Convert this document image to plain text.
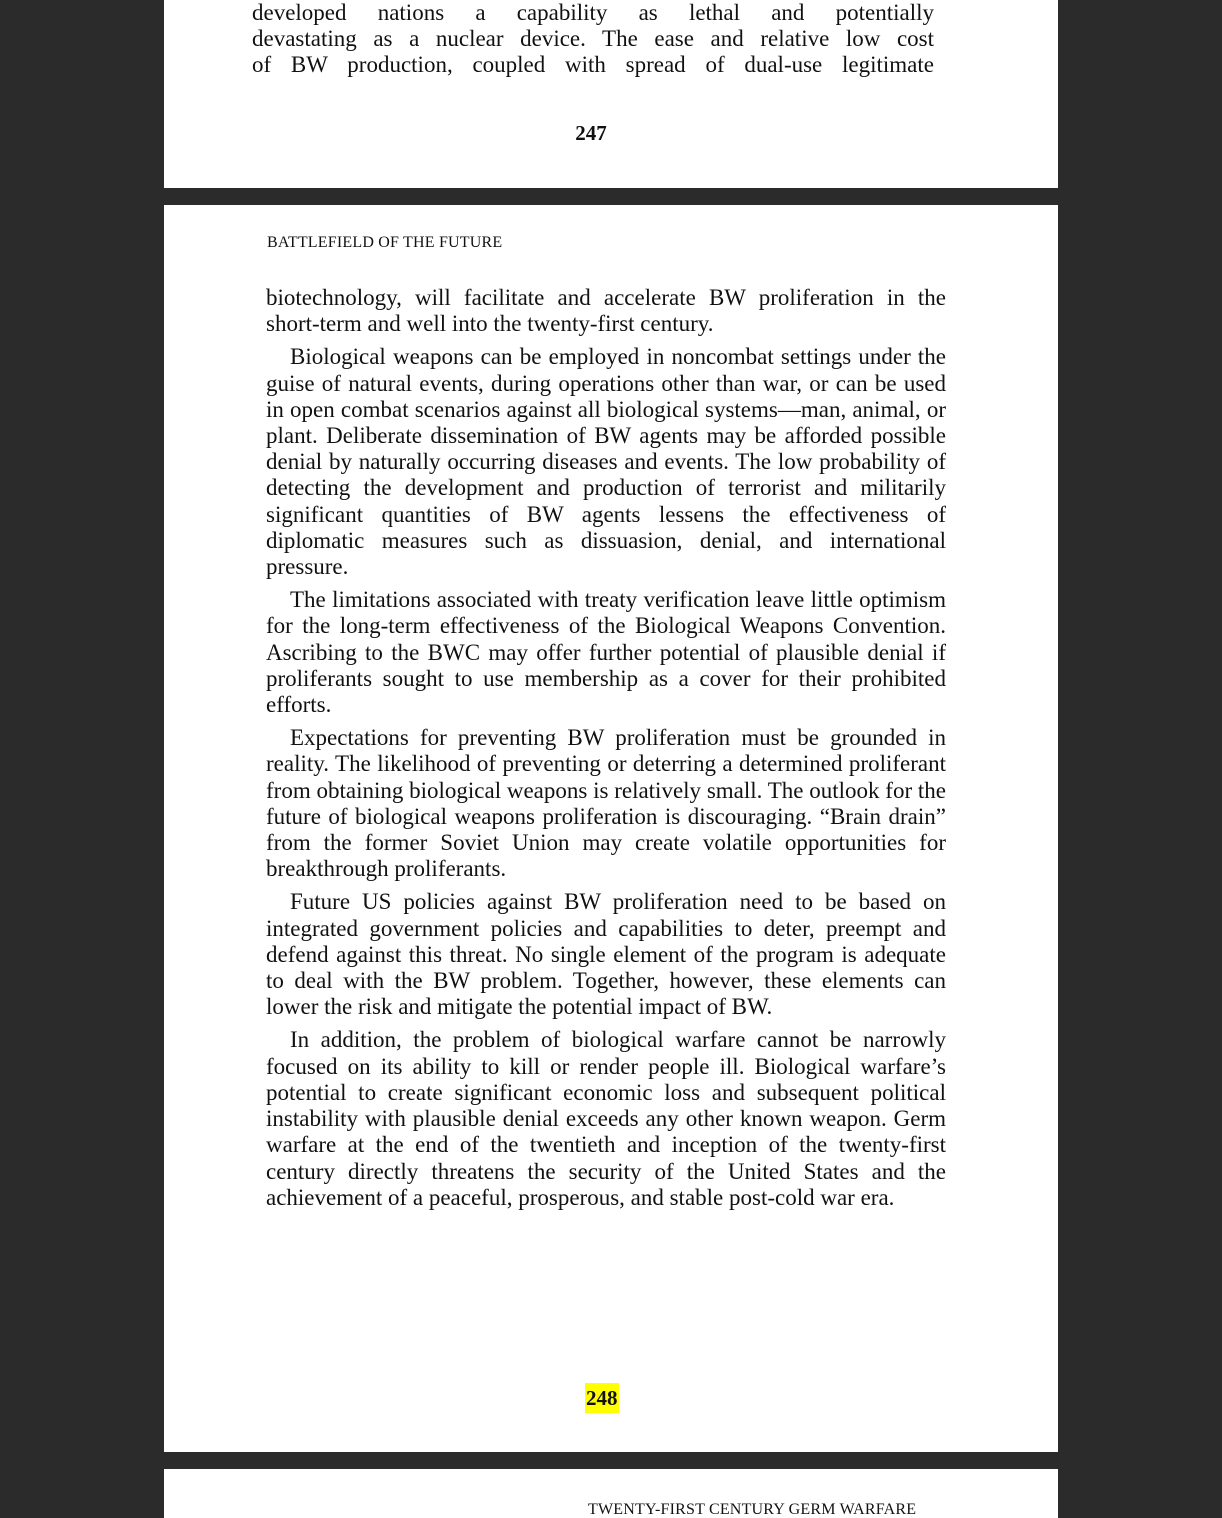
developed nations a capability as lethal and potentially
devastating as a nuclear device. The ease and relative low cost
of BW production, coupled with spread of dual-use legitimate
247
BATTLEFIELD OF THE FUTURE

biotechnology, will facilitate and accelerate BW proliferation in the short-term and well into the twenty-first century.

Biological weapons can be employed in noncombat settings under the guise of natural events, during operations other than war, or can be used in open combat scenarios against all biological systems—man, animal, or plant. Deliberate dissemination of BW agents may be afforded possible denial by naturally occurring diseases and events. The low probability of detecting the development and production of terrorist and militarily significant quantities of BW agents lessens the effectiveness of diplomatic measures such as dissuasion, denial, and international pressure.

The limitations associated with treaty verification leave little optimism for the long-term effectiveness of the Biological Weapons Convention. Ascribing to the BWC may offer further potential of plausible denial if proliferants sought to use membership as a cover for their prohibited efforts.

Expectations for preventing BW proliferation must be grounded in reality. The likelihood of preventing or deterring a determined proliferant from obtaining biological weapons is relatively small. The outlook for the future of biological weapons proliferation is discouraging. “Brain drain” from the former Soviet Union may create volatile opportunities for breakthrough proliferants.

Future US policies against BW proliferation need to be based on integrated government policies and capabilities to deter, preempt and defend against this threat. No single element of the program is adequate to deal with the BW problem. Together, however, these elements can lower the risk and mitigate the potential impact of BW.

In addition, the problem of biological warfare cannot be narrowly focused on its ability to kill or render people ill. Biological warfare’s potential to create significant economic loss and subsequent political instability with plausible denial exceeds any other known weapon. Germ warfare at the end of the twentieth and inception of the twenty-first century directly threatens the security of the United States and the achievement of a peaceful, prosperous, and stable post-cold war era.

248
TWENTY-FIRST CENTURY GERM WARFARE
